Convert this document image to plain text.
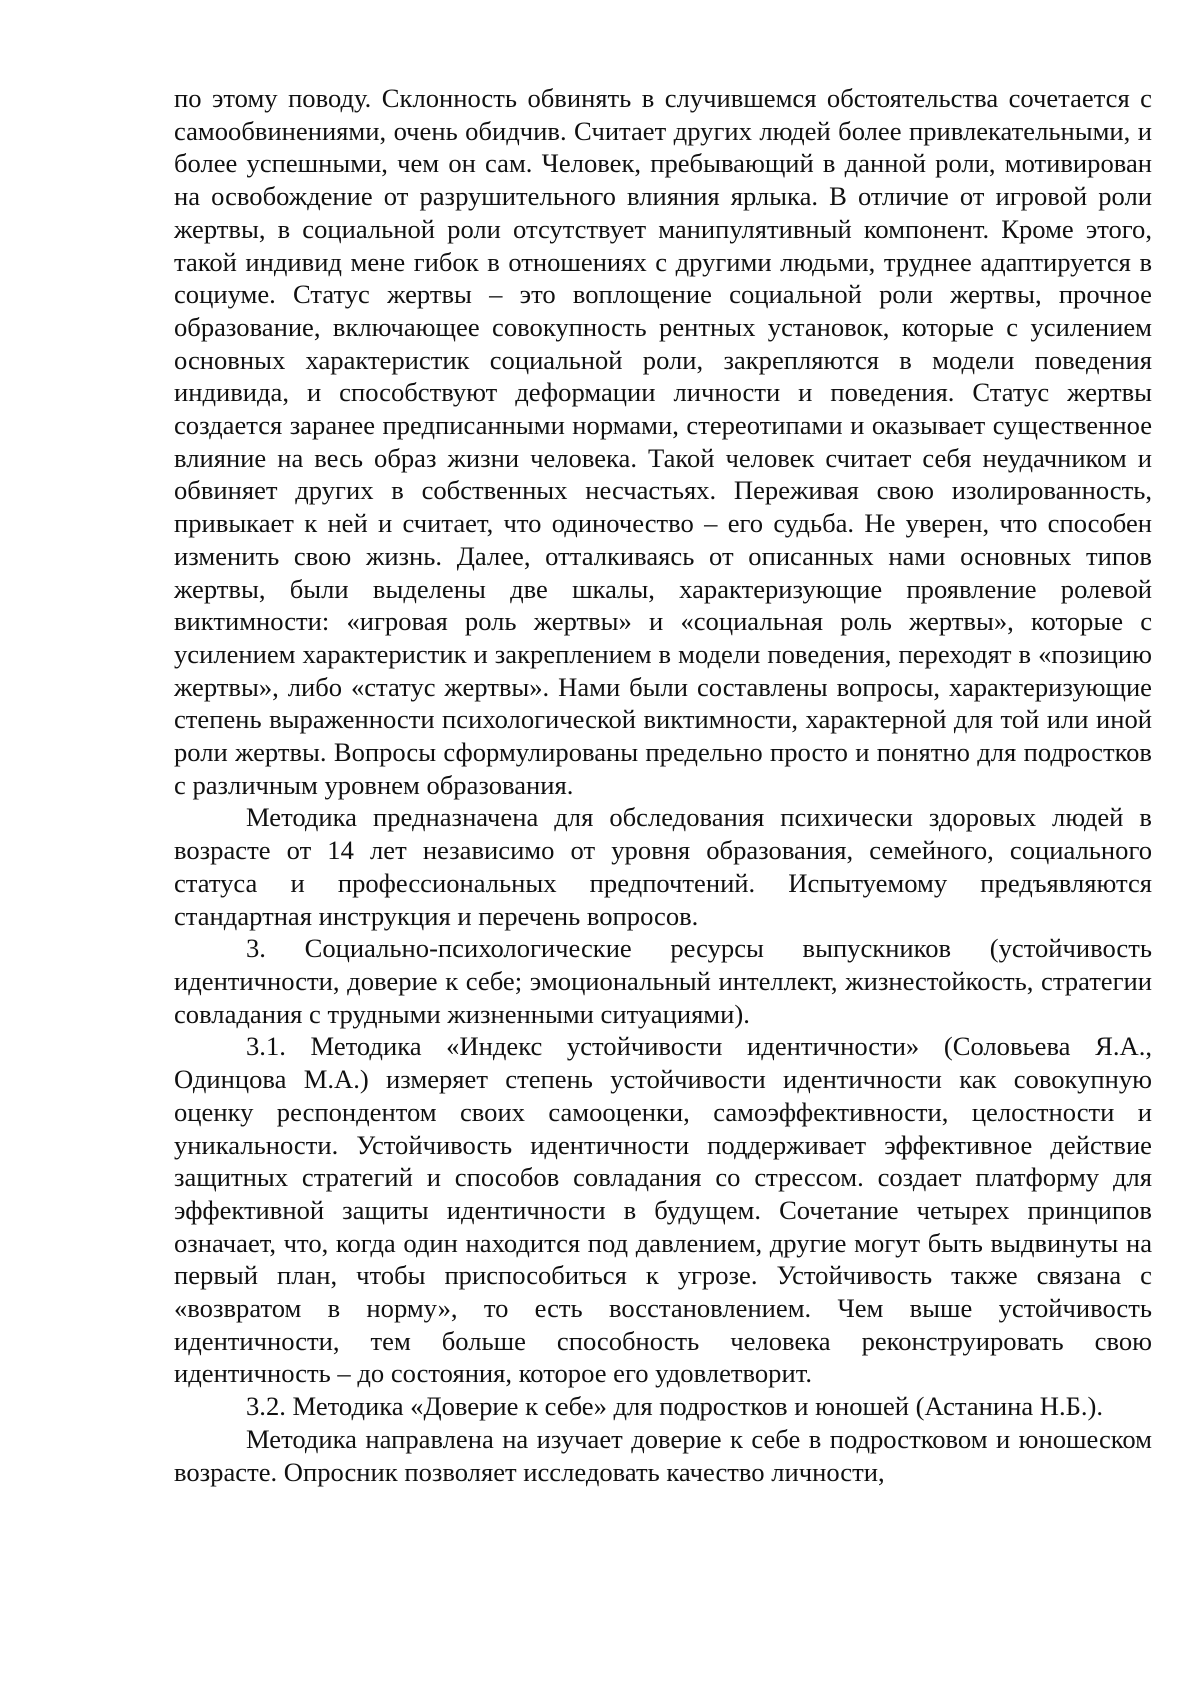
по этому поводу. Склонность обвинять в случившемся обстоятельства сочетается с самообвинениями, очень обидчив. Считает других людей более привлекательными, и более успешными, чем он сам. Человек, пребывающий в данной роли, мотивирован на освобождение от разрушительного влияния ярлыка. В отличие от игровой роли жертвы, в социальной роли отсутствует манипулятивный компонент. Кроме этого, такой индивид мене гибок в отношениях с другими людьми, труднее адаптируется в социуме. Статус жертвы – это воплощение социальной роли жертвы, прочное образование, включающее совокупность рентных установок, которые с усилением основных характеристик социальной роли, закрепляются в модели поведения индивида, и способствуют деформации личности и поведения. Статус жертвы создается заранее предписанными нормами, стереотипами и оказывает существенное влияние на весь образ жизни человека. Такой человек считает себя неудачником и обвиняет других в собственных несчастьях. Переживая свою изолированность, привыкает к ней и считает, что одиночество – его судьба. Не уверен, что способен изменить свою жизнь. Далее, отталкиваясь от описанных нами основных типов жертвы, были выделены две шкалы, характеризующие проявление ролевой виктимности: «игровая роль жертвы» и «социальная роль жертвы», которые с усилением характеристик и закреплением в модели поведения, переходят в «позицию жертвы», либо «статус жертвы». Нами были составлены вопросы, характеризующие степень выраженности психологической виктимности, характерной для той или иной роли жертвы. Вопросы сформулированы предельно просто и понятно для подростков с различным уровнем образования.

Методика предназначена для обследования психически здоровых людей в возрасте от 14 лет независимо от уровня образования, семейного, социального статуса и профессиональных предпочтений. Испытуемому предъявляются стандартная инструкция и перечень вопросов.

3. Социально-психологические ресурсы выпускников (устойчивость идентичности, доверие к себе; эмоциональный интеллект, жизнестойкость, стратегии совладания с трудными жизненными ситуациями).

3.1. Методика «Индекс устойчивости идентичности» (Соловьева Я.А., Одинцова М.А.) измеряет степень устойчивости идентичности как совокупную оценку респондентом своих самооценки, самоэффективности, целостности и уникальности. Устойчивость идентичности поддерживает эффективное действие защитных стратегий и способов совладания со стрессом. создает платформу для эффективной защиты идентичности в будущем. Сочетание четырех принципов означает, что, когда один находится под давлением, другие могут быть выдвинуты на первый план, чтобы приспособиться к угрозе. Устойчивость также связана с «возвратом в норму», то есть восстановлением. Чем выше устойчивость идентичности, тем больше способность человека реконструировать свою идентичность – до состояния, которое его удовлетворит.

3.2. Методика «Доверие к себе» для подростков и юношей (Астанина Н.Б.).

Методика направлена на изучает доверие к себе в подростковом и юношеском возрасте. Опросник позволяет исследовать качество личности,
